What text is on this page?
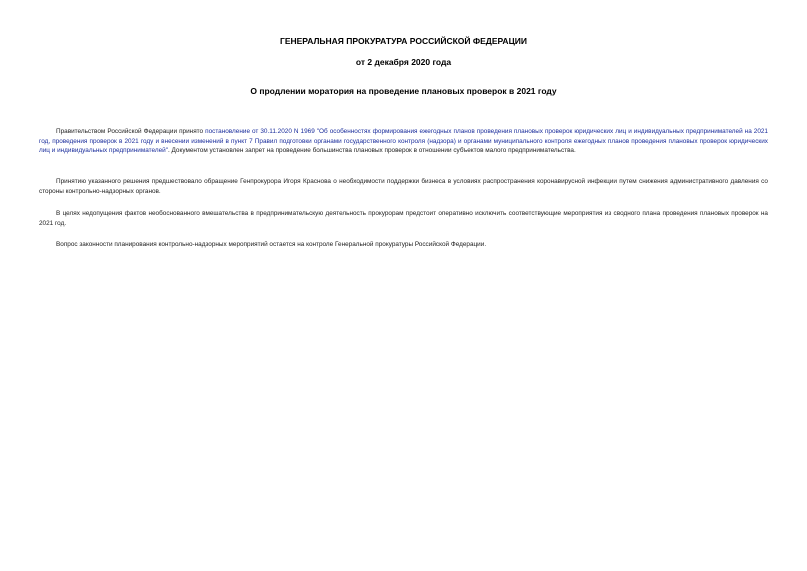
ГЕНЕРАЛЬНАЯ ПРОКУРАТУРА РОССИЙСКОЙ ФЕДЕРАЦИИ
от 2 декабря 2020 года
О продлении моратория на проведение плановых проверок в 2021 году
Правительством Российской Федерации принято постановление от 30.11.2020 N 1969 "Об особенностях формирования ежегодных планов проведения плановых проверок юридических лиц и индивидуальных предпринимателей на 2021 год, проведения проверок в 2021 году и внесении изменений в пункт 7 Правил подготовки органами государственного контроля (надзора) и органами муниципального контроля ежегодных планов проведения плановых проверок юридических лиц и индивидуальных предпринимателей". Документом установлен запрет на проведение большинства плановых проверок в отношении субъектов малого предпринимательства.
Принятию указанного решения предшествовало обращение Генпрокурора Игоря Краснова о необходимости поддержки бизнеса в условиях распространения коронавирусной инфекции путем снижения административного давления со стороны контрольно-надзорных органов.
В целях недопущения фактов необоснованного вмешательства в предпринимательскую деятельность прокурорам предстоит оперативно исключить соответствующие мероприятия из сводного плана проведения плановых проверок на 2021 год.
Вопрос законности планирования контрольно-надзорных мероприятий остается на контроле Генеральной прокуратуры Российской Федерации.
